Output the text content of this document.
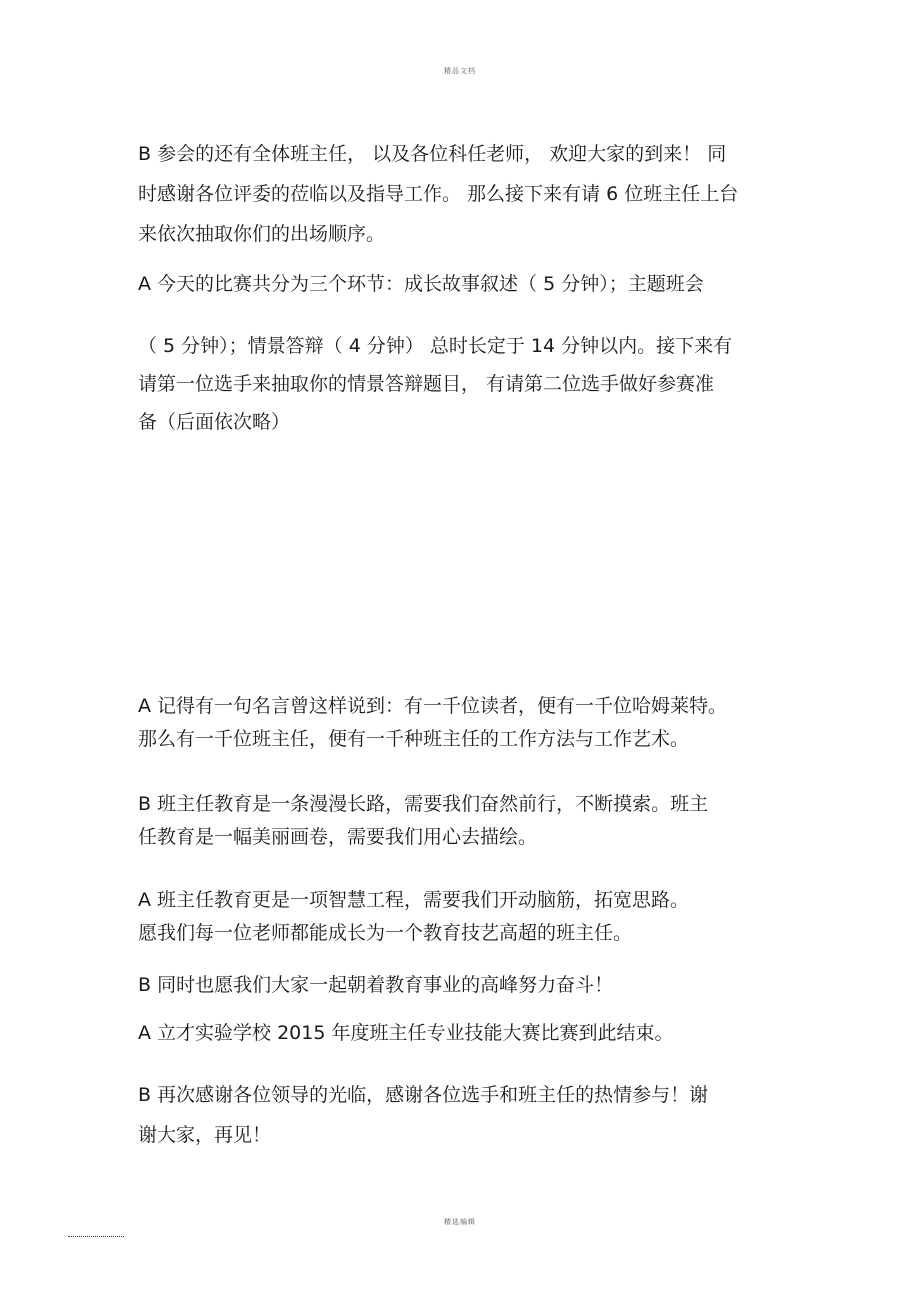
精品文档
B 参会的还有全体班主任， 以及各位科任老师， 欢迎大家的到来！ 同
时感谢各位评委的莅临以及指导工作。 那么接下来有请 6 位班主任上台
来依次抽取你们的出场顺序。
A 今天的比赛共分为三个环节：成长故事叙述（ 5 分钟）；主题班会
（ 5 分钟）；情景答辩（ 4 分钟） 总时长定于 14 分钟以内。接下来有
请第一位选手来抽取你的情景答辩题目， 有请第二位选手做好参赛准
备（后面依次略）
A 记得有一句名言曾这样说到：有一千位读者，便有一千位哈姆莱特。
那么有一千位班主任，便有一千种班主任的工作方法与工作艺术。
B 班主任教育是一条漫漫长路，需要我们奋然前行，不断摸索。班主
任教育是一幅美丽画卷，需要我们用心去描绘。
A 班主任教育更是一项智慧工程，需要我们开动脑筋，拓宽思路。
愿我们每一位老师都能成长为一个教育技艺高超的班主任。
B 同时也愿我们大家一起朝着教育事业的高峰努力奋斗！
A 立才实验学校 2015 年度班主任专业技能大赛比赛到此结束。
B 再次感谢各位领导的光临，感谢各位选手和班主任的热情参与！谢
谢大家，再见！
精选编辑
